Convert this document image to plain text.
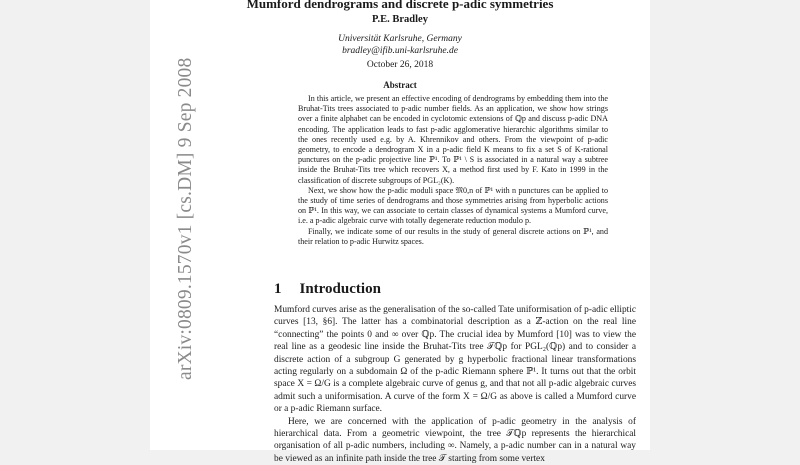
arXiv:0809.1570v1 [cs.DM] 9 Sep 2008
Mumford dendrograms and discrete p-adic symmetries
P.E. Bradley
Universität Karlsruhe, Germany
bradley@ifib.uni-karlsruhe.de
October 26, 2018
Abstract

In this article, we present an effective encoding of dendrograms by embedding them into the Bruhat-Tits trees associated to p-adic number fields. As an application, we show how strings over a finite alphabet can be encoded in cyclotomic extensions of ℚp and discuss p-adic DNA encoding. The application leads to fast p-adic agglomerative hierarchic algorithms similar to the ones recently used e.g. by A. Khrennikov and others. From the viewpoint of p-adic geometry, to encode a dendrogram X in a p-adic field K means to fix a set S of K-rational punctures on the p-adic projective line ℙ¹. To ℙ¹ \ S is associated in a natural way a subtree inside the Bruhat-Tits tree which recovers X, a method first used by F. Kato in 1999 in the classification of discrete subgroups of PGL₂(K).

Next, we show how the p-adic moduli space 𝔐0,n of ℙ¹ with n punctures can be applied to the study of time series of dendrograms and those symmetries arising from hyperbolic actions on ℙ¹. In this way, we can associate to certain classes of dynamical systems a Mumford curve, i.e. a p-adic algebraic curve with totally degenerate reduction modulo p.

Finally, we indicate some of our results in the study of general discrete actions on ℙ¹, and their relation to p-adic Hurwitz spaces.

1 Introduction

Mumford curves arise as the generalisation of the so-called Tate uniformisation of p-adic elliptic curves [13, §6]. The latter has a combinatorial description as a ℤ-action on the real line “connecting” the points 0 and ∞ over ℚp. The crucial idea by Mumford [10] was to view the real line as a geodesic line inside the Bruhat-Tits tree 𝒯ℚp for PGL₂(ℚp) and to consider a discrete action of a subgroup G generated by g hyperbolic fractional linear transformations acting regularly on a subdomain Ω of the p-adic Riemann sphere ℙ¹. It turns out that the orbit space X = Ω/G is a complete algebraic curve of genus g, and that not all p-adic algebraic curves admit such a uniformisation. A curve of the form X = Ω/G as above is called a Mumford curve or a p-adic Riemann surface.

Here, we are concerned with the application of p-adic geometry in the analysis of hierarchical data. From a geometric viewpoint, the tree 𝒯ℚp represents the hierarchical organisation of all p-adic numbers, including ∞. Namely, a p-adic number can in a natural way be viewed as an infinite path inside the tree 𝒯 starting from some vertex
